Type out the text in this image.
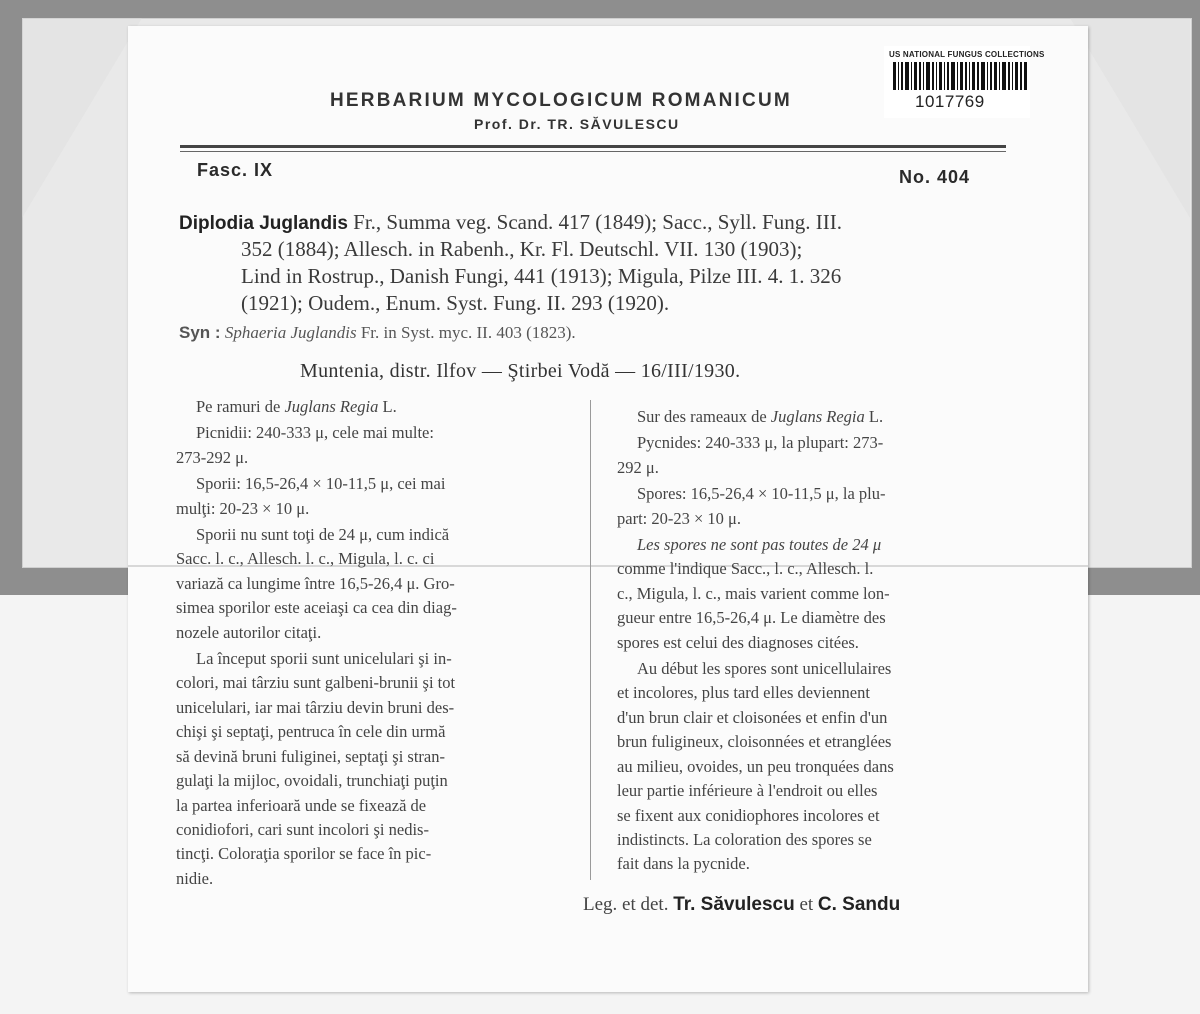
US NATIONAL FUNGUS COLLECTIONS
1017769
HERBARIUM MYCOLOGICUM ROMANICUM
Prof. Dr. TR. SĂVULESCU
Fasc. IX	No. 404
Diplodia Juglandis Fr., Summa veg. Scand. 417 (1849); Sacc., Syll. Fung. III.
352 (1884); Allesch. in Rabenh., Kr. Fl. Deutschl. VII. 130 (1903);
Lind in Rostrup., Danish Fungi, 441 (1913); Migula, Pilze III. 4. 1. 326
(1921); Oudem., Enum. Syst. Fung. II. 293 (1920).
Syn : Sphaeria Juglandis Fr. in Syst. myc. II. 403 (1823).
Muntenia, distr. Ilfov — Ştirbei Vodă — 16/III/1930.
Pe ramuri de Juglans Regia L.
Picnidii: 240-333 μ, cele mai multe:
273-292 μ.
Sporii: 16,5-26,4 × 10-11,5 μ, cei mai
mulţi: 20-23 × 10 μ.
Sporii nu sunt toţi de 24 μ, cum indică
Sacc. l. c., Allesch. l. c., Migula, l. c. ci
variază ca lungime între 16,5-26,4 μ. Gro-
simea sporilor este aceiaşi ca cea din diag-
nozele autorilor citaţi.
La început sporii sunt unicelulari şi in-
colori, mai târziu sunt galbeni-brunii şi tot
unicelulari, iar mai târziu devin bruni des-
chişi şi septaţi, pentruca în cele din urmă
să devină bruni fuliginei, septaţi şi stran-
gulaţi la mijloc, ovoidali, trunchiaţi puţin
la partea inferioară unde se fixează de
conidiofori, cari sunt incolori şi nedis-
tincţi. Coloraţia sporilor se face în pic-
nidie.
Sur des rameaux de Juglans Regia L.
Pycnides: 240-333 μ, la plupart: 273-
292 μ.
Spores: 16,5-26,4 × 10-11,5 μ, la plu-
part: 20-23 × 10 μ.
Les spores ne sont pas toutes de 24 μ
comme l'indique Sacc., l. c., Allesch. l.
c., Migula, l. c., mais varient comme lon-
gueur entre 16,5-26,4 μ. Le diamètre des
spores est celui des diagnoses citées.
Au début les spores sont unicellulaires
et incolores, plus tard elles deviennent
d'un brun clair et cloisonées et enfin d'un
brun fuligineux, cloisonnées et etranglées
au milieu, ovoides, un peu tronquées dans
leur partie inférieure à l'endroit ou elles
se fixent aux conidiophores incolores et
indistincts. La coloration des spores se
fait dans la pycnide.
Leg. et det. Tr. Săvulescu et C. Sandu
